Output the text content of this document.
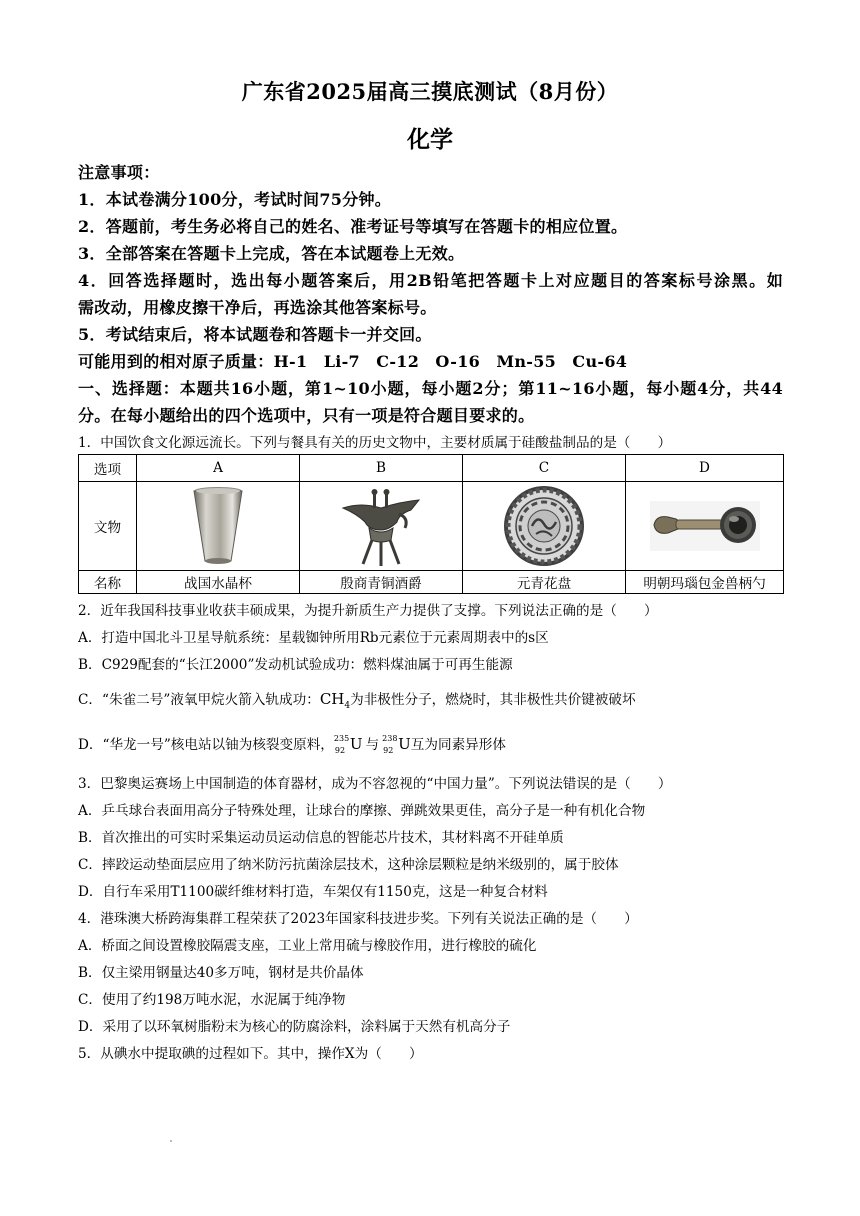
广东省2025届高三摸底测试（8月份）
化学
注意事项：
1．本试卷满分100分，考试时间75分钟。
2．答题前，考生务必将自己的姓名、准考证号等填写在答题卡的相应位置。
3．全部答案在答题卡上完成，答在本试题卷上无效。
4．回答选择题时，选出每小题答案后，用2B铅笔把答题卡上对应题目的答案标号涂黑。如
需改动，用橡皮擦干净后，再选涂其他答案标号。
5．考试结束后，将本试题卷和答题卡一并交回。
可能用到的相对原子质量：H-1　Li-7　C-12　O-16　Mn-55　Cu-64
一、选择题：本题共16小题，第1~10小题，每小题2分；第11~16小题，每小题4分，共44
分。在每小题给出的四个选项中，只有一项是符合题目要求的。
1．中国饮食文化源远流长。下列与餐具有关的历史文物中，主要材质属于硅酸盐制品的是（　　）
选项	A	B	C	D
文物	

名称	战国水晶杯	殷商青铜酒爵	元青花盘	明朝玛瑙包金兽柄勺
2．近年我国科技事业收获丰硕成果，为提升新质生产力提供了支撑。下列说法正确的是（　　）
A．打造中国北斗卫星导航系统：星载铷钟所用Rb元素位于元素周期表中的s区
B．C929配套的“长江2000”发动机试验成功：燃料煤油属于可再生能源
C．“朱雀二号”液氧甲烷火箭入轨成功：$CH_4$为非极性分子，燃烧时，其非极性共价键被破坏
D．“华龙一号”核电站以铀为核裂变原料， 235
92 U 与 238
92 U互为同素异形体
3．巴黎奥运赛场上中国制造的体育器材，成为不容忽视的“中国力量”。下列说法错误的是（　　）
A．乒乓球台表面用高分子特殊处理，让球台的摩擦、弹跳效果更佳，高分子是一种有机化合物
B．首次推出的可实时采集运动员运动信息的智能芯片技术，其材料离不开硅单质
C．摔跤运动垫面层应用了纳米防污抗菌涂层技术，这种涂层颗粒是纳米级别的，属于胶体
D．自行车采用T1100碳纤维材料打造，车架仅有1150克，这是一种复合材料
4．港珠澳大桥跨海集群工程荣获了2023年国家科技进步奖。下列有关说法正确的是（　　）
A．桥面之间设置橡胶隔震支座，工业上常用硫与橡胶作用，进行橡胶的硫化
B．仅主梁用钢量达40多万吨，钢材是共价晶体
C．使用了约198万吨水泥，水泥属于纯净物
D．采用了以环氧树脂粉末为核心的防腐涂料，涂料属于天然有机高分子
5．从碘水中提取碘的过程如下。其中，操作X为（　　）
